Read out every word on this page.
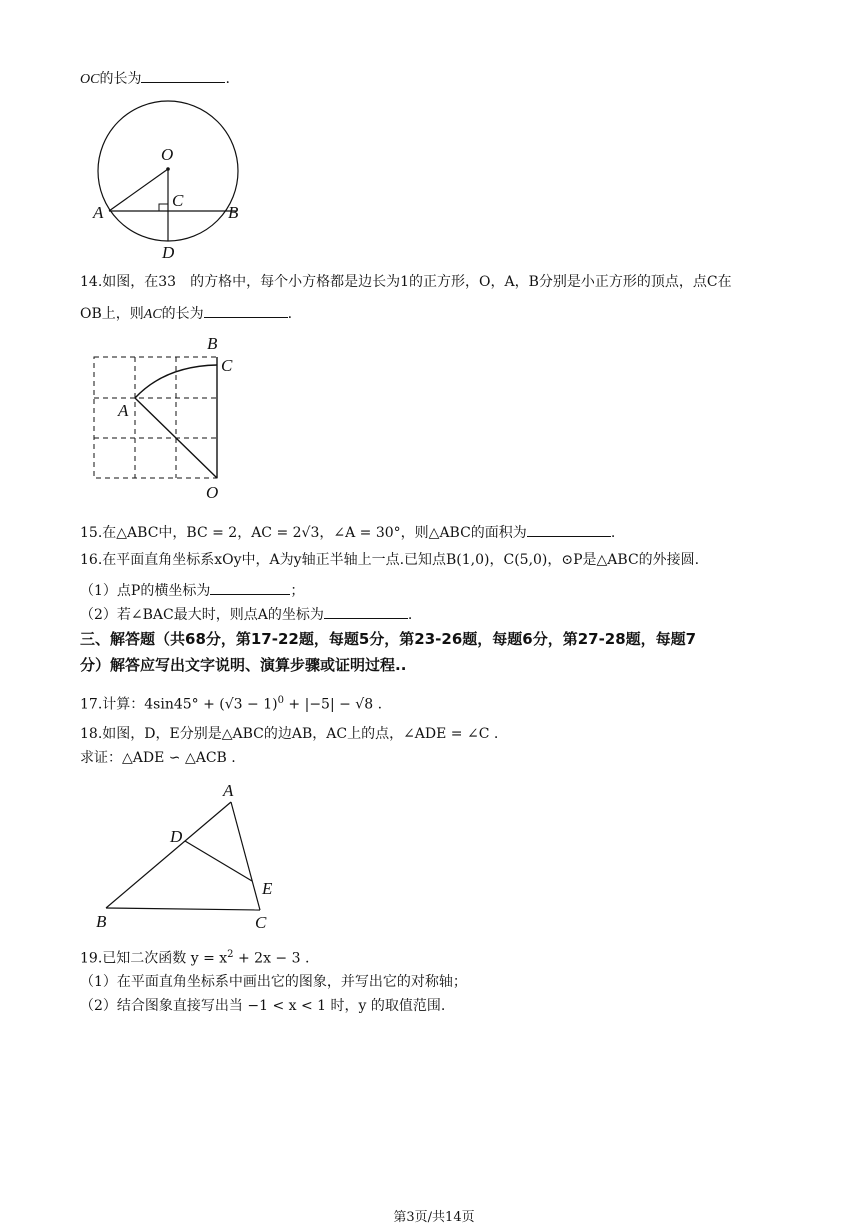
OC的长为	.
O
C
A	B
D
14.如图，在33　的方格中，每个小方格都是边长为1的正方形，O，A，B分别是小正方形的顶点，点C在
OB上，则AC的长为	.
B
C
A
O
15.在△ABC中，BC = 2，AC = 2√3，∠A = 30°，则△ABC的面积为	.
16.在平面直角坐标系xOy中，A为y轴正半轴上一点.已知点B(1,0)，C(5,0)，⊙P是△ABC的外接圆.
（1）点P的横坐标为	；
（2）若∠BAC最大时，则点A的坐标为	.
三、解答题（共68分，第17-22题，每题5分，第23-26题，每题6分，第27-28题，每题7
分）解答应写出文字说明、演算步骤或证明过程..
17.计算：$4\sin 45^\circ + (√3 - 1)^0 + |-5| - √8$ .
18.如图，D，E分别是△ABC的边AB，AC上的点，∠ADE = ∠C .
求证：△ADE ∽ △ACB .
A
D
E
B	C
19.已知二次函数 $y = x^2 + 2x - 3$ .
（1）在平面直角坐标系中画出它的图象，并写出它的对称轴；
（2）结合图象直接写出当 −1 < x < 1 时，y 的取值范围.
第3页/共14页
